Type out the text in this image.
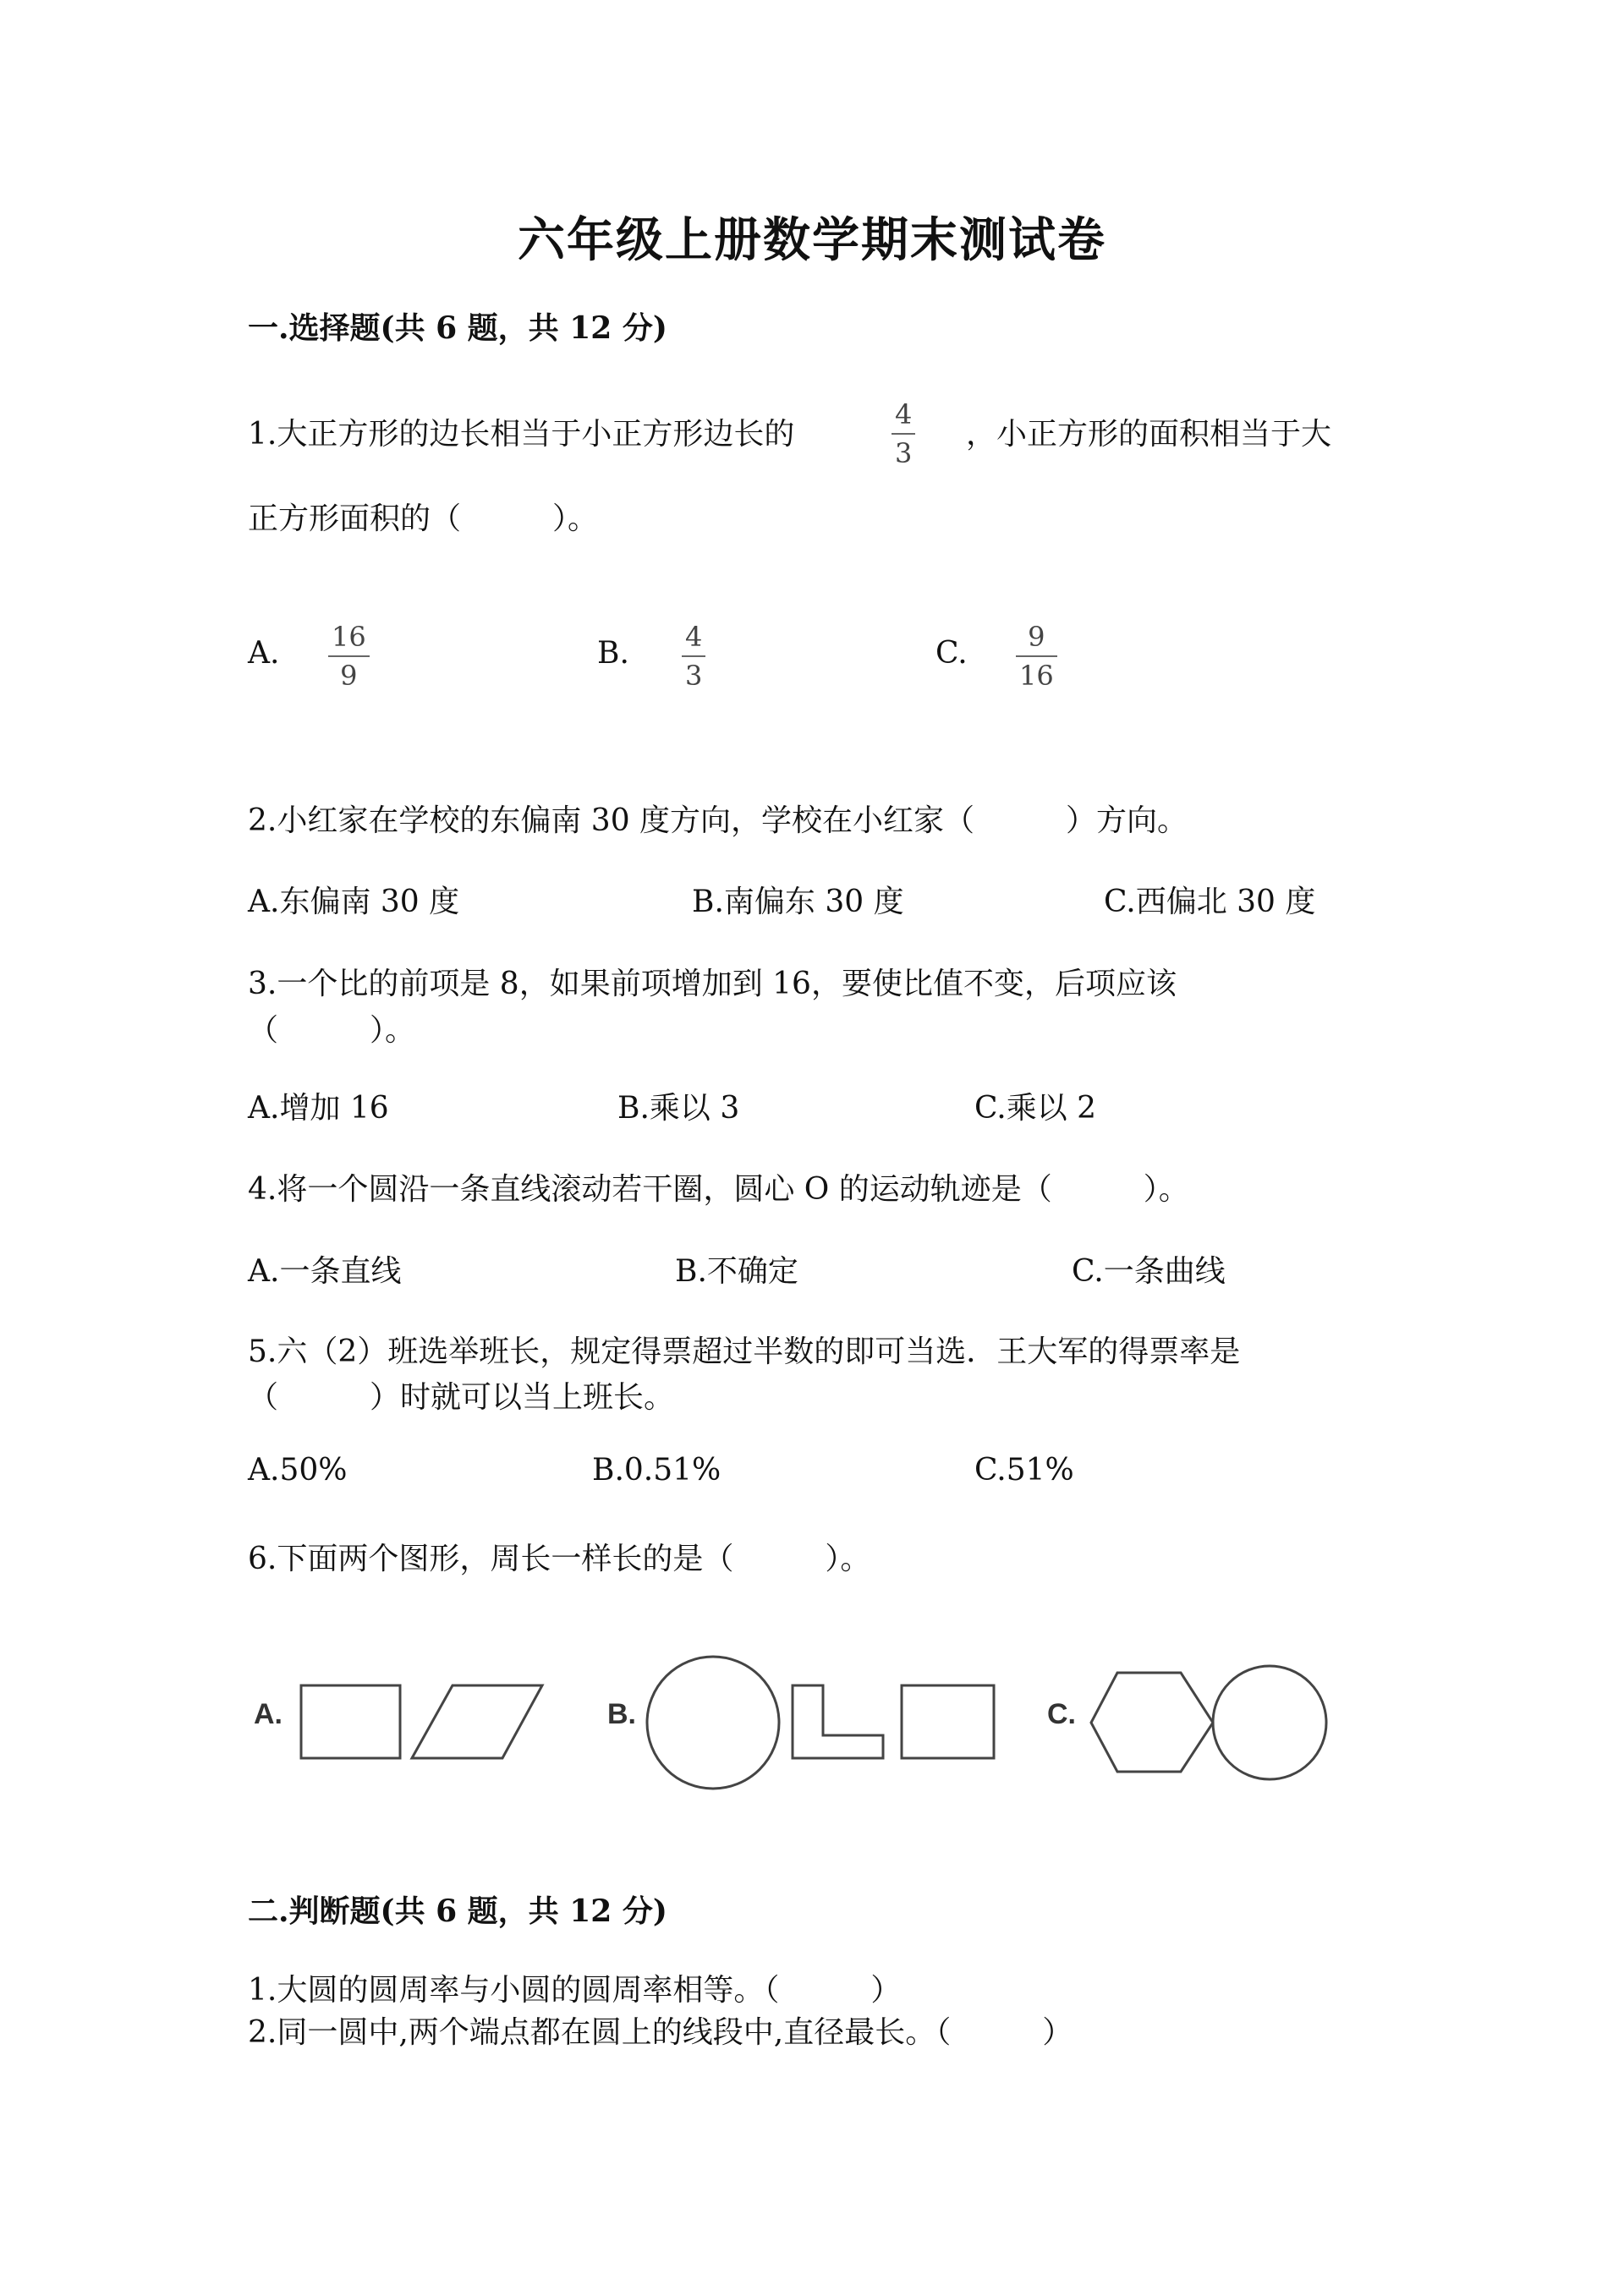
六年级上册数学期末测试卷
一.选择题(共 6 题，共 12 分)
1.大正方形的边长相当于小正方形边长的
4
3
，小正方形的面积相当于大
正方形面积的（　　　）。
A. 16
9
B. 4
3
C. 9
16
2.小红家在学校的东偏南 30 度方向，学校在小红家（　　　）方向。
A.东偏南 30 度	B.南偏东 30 度	C.西偏北 30 度
3.一个比的前项是 8，如果前项增加到 16，要使比值不变，后项应该
（　　　）。
A.增加 16	B.乘以 3	C.乘以 2
4.将一个圆沿一条直线滚动若干圈，圆心 O 的运动轨迹是（　　　）。
A.一条直线	B.不确定	C.一条曲线
5.六（2）班选举班长，规定得票超过半数的即可当选．王大军的得票率是
（　　　）时就可以当上班长。
A.50%	B.0.51%	C.51%
6.下面两个图形，周长一样长的是（　　　）。
A.	B.	C.
二.判断题(共 6 题，共 12 分)
1.大圆的圆周率与小圆的圆周率相等。（　　　）
2.同一圆中,两个端点都在圆上的线段中,直径最长。（　　　）
